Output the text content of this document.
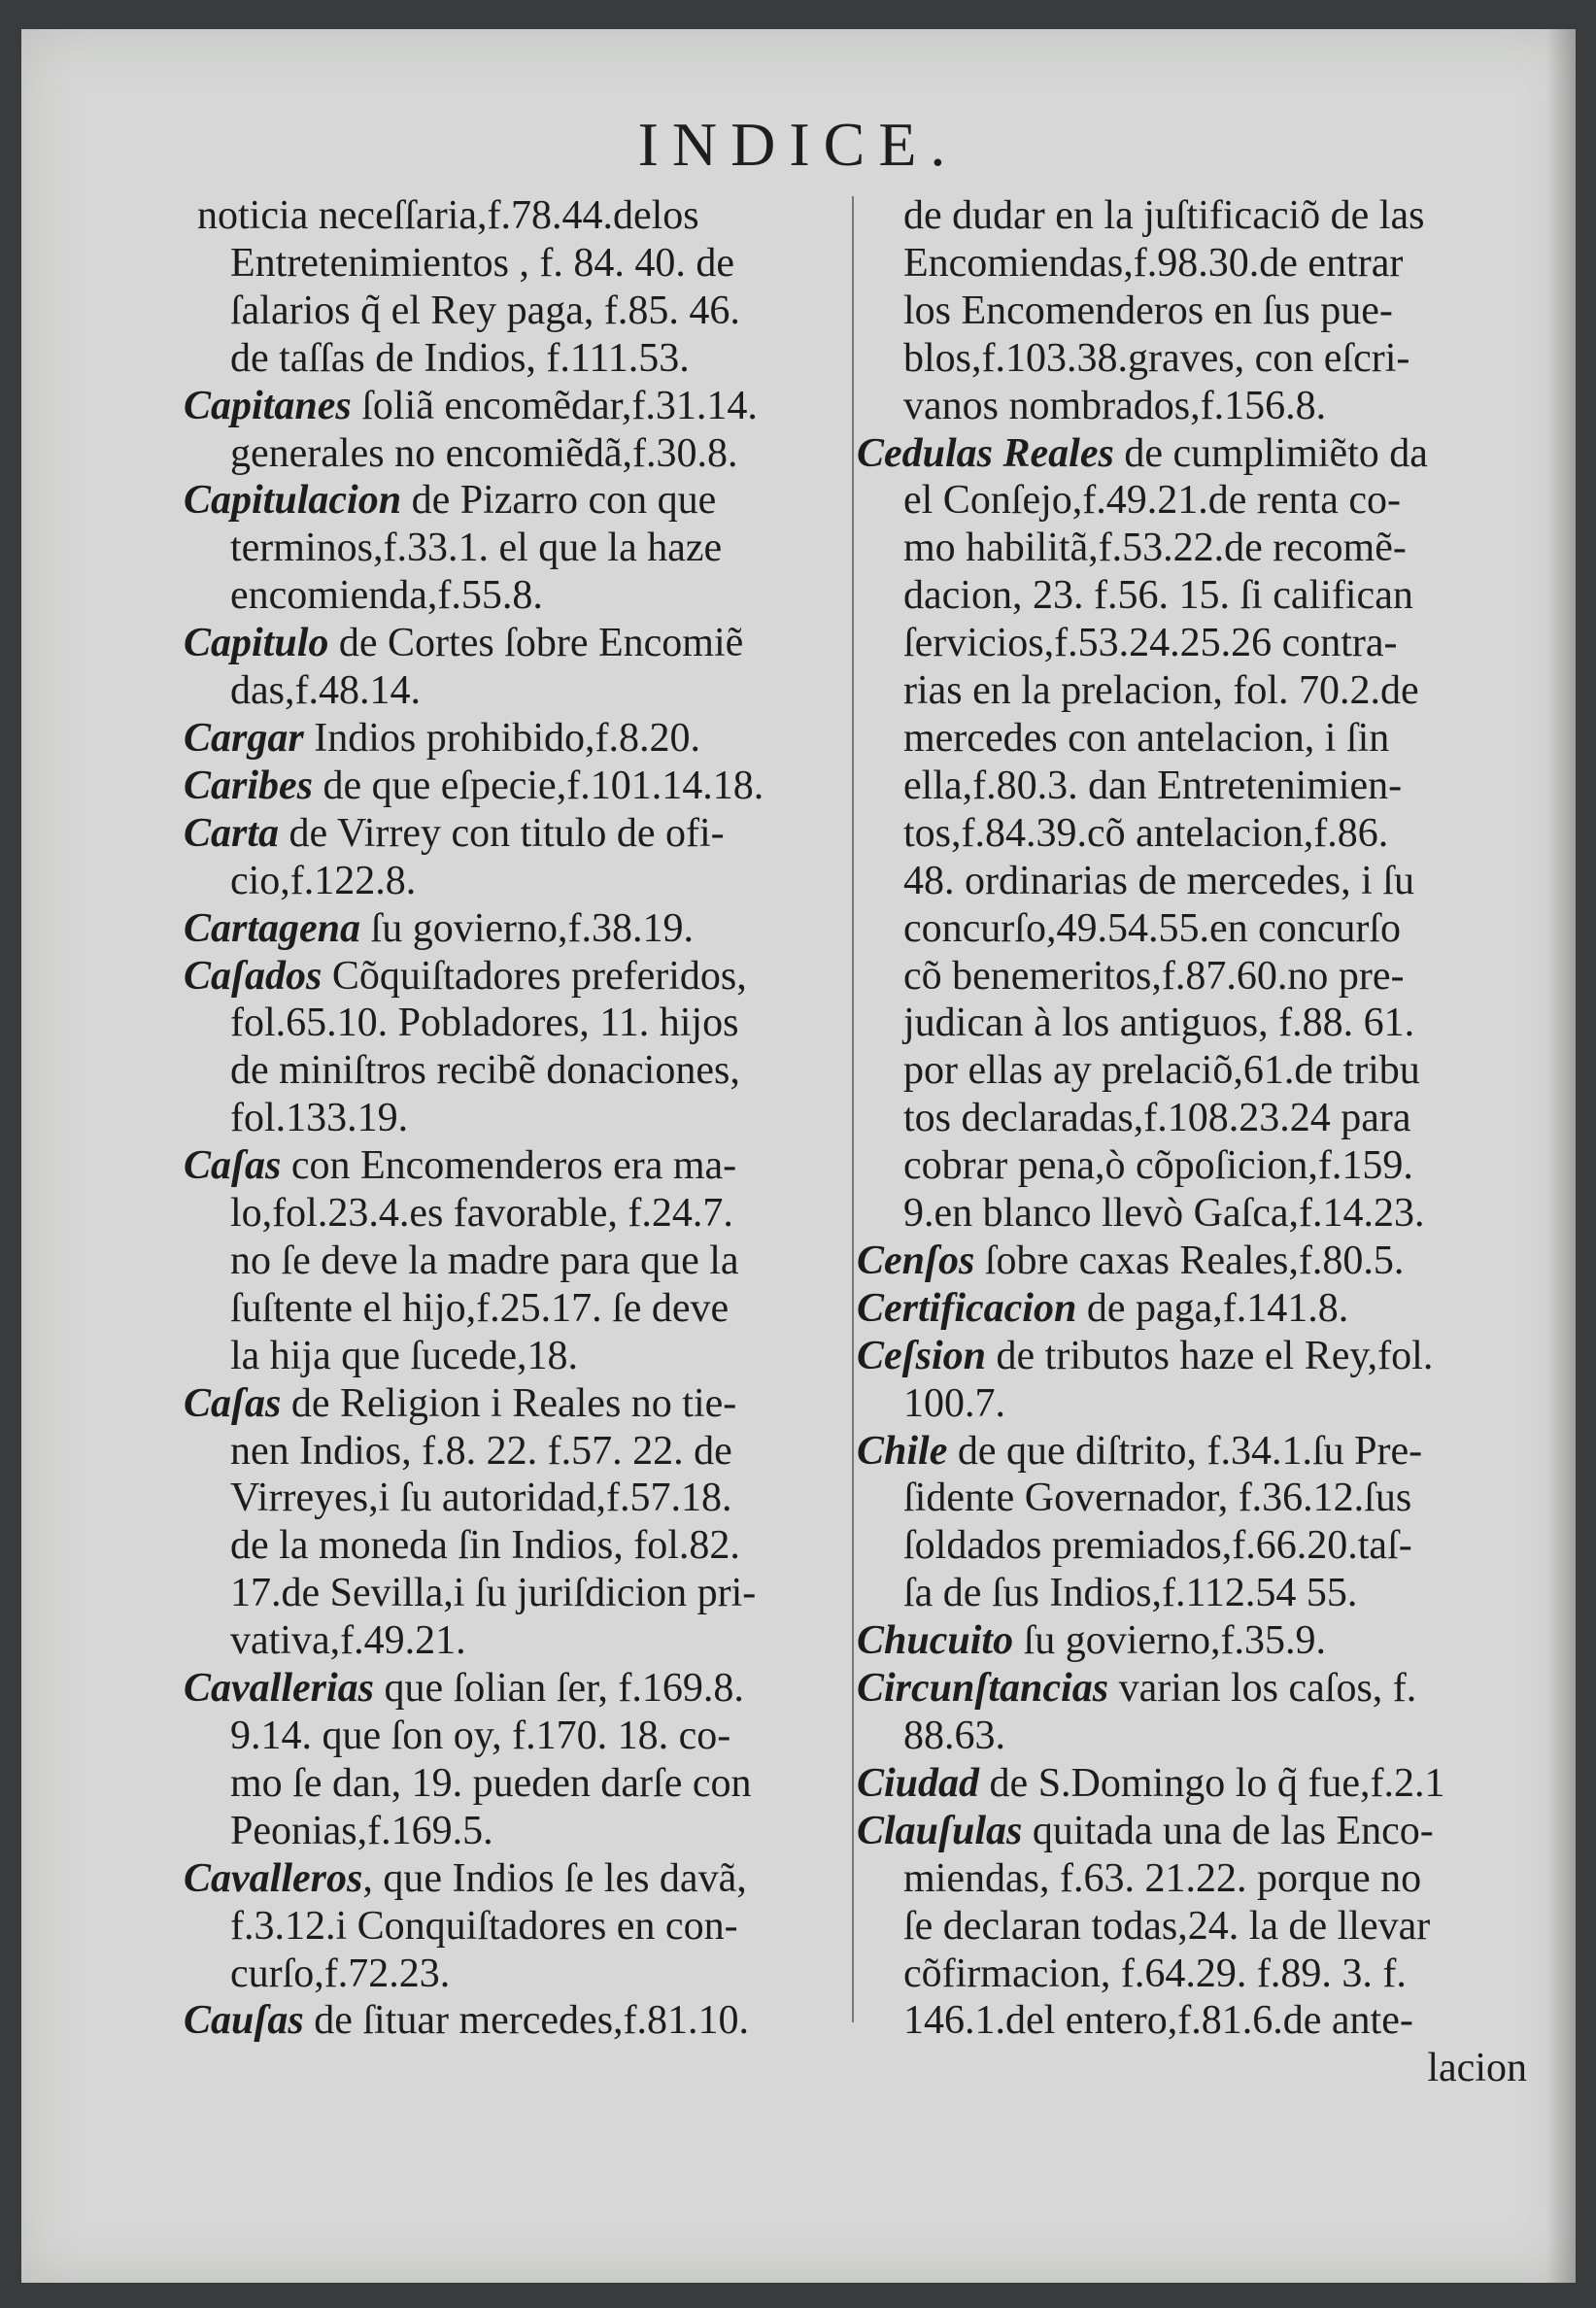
INDICE.
noticia neceſſaria,f.78.44.delos
Entretenimientos , f. 84. 40. de
ſalarios q̃ el Rey paga, f.85. 46.
de taſſas de Indios, f.111.53.
Capitanes ſoliã encomẽdar,f.31.14.
generales no encomiẽdã,f.30.8.
Capitulacion de Pizarro con que
terminos,f.33.1. el que la haze
encomienda,f.55.8.
Capitulo de Cortes ſobre Encomiẽ
das,f.48.14.
Cargar Indios prohibido,f.8.20.
Caribes de que eſpecie,f.101.14.18.
Carta de Virrey con titulo de ofi-
cio,f.122.8.
Cartagena ſu govierno,f.38.19.
Caſados Cõquiſtadores preferidos,
fol.65.10. Pobladores, 11. hijos
de miniſtros recibẽ donaciones,
fol.133.19.
Caſas con Encomenderos era ma-
lo,fol.23.4.es favorable, f.24.7.
no ſe deve la madre para que la
ſuſtente el hijo,f.25.17. ſe deve
la hija que ſucede,18.
Caſas de Religion i Reales no tie-
nen Indios, f.8. 22. f.57. 22. de
Virreyes,i ſu autoridad,f.57.18.
de la moneda ſin Indios, fol.82.
17.de Sevilla,i ſu juriſdicion pri-
vativa,f.49.21.
Cavallerias que ſolian ſer, f.169.8.
9.14. que ſon oy, f.170. 18. co-
mo ſe dan, 19. pueden darſe con
Peonias,f.169.5.
Cavalleros, que Indios ſe les davã,
f.3.12.i Conquiſtadores en con-
curſo,f.72.23.
Cauſas de ſituar mercedes,f.81.10.
de dudar en la juſtificaciõ de las
Encomiendas,f.98.30.de entrar
los Encomenderos en ſus pue-
blos,f.103.38.graves, con eſcri-
vanos nombrados,f.156.8.
Cedulas Reales de cumplimiẽto da
el Conſejo,f.49.21.de renta co-
mo habilitã,f.53.22.de recomẽ-
dacion, 23. f.56. 15. ſi califican
ſervicios,f.53.24.25.26 contra-
rias en la prelacion, fol. 70.2.de
mercedes con antelacion, i ſin
ella,f.80.3. dan Entretenimien-
tos,f.84.39.cõ antelacion,f.86.
48. ordinarias de mercedes, i ſu
concurſo,49.54.55.en concurſo
cõ benemeritos,f.87.60.no pre-
judican à los antiguos, f.88. 61.
por ellas ay prelaciõ,61.de tribu
tos declaradas,f.108.23.24 para
cobrar pena,ò cõpoſicion,f.159.
9.en blanco llevò Gaſca,f.14.23.
Cenſos ſobre caxas Reales,f.80.5.
Certificacion de paga,f.141.8.
Ceſsion de tributos haze el Rey,fol.
100.7.
Chile de que diſtrito, f.34.1.ſu Pre-
ſidente Governador, f.36.12.ſus
ſoldados premiados,f.66.20.taſ-
ſa de ſus Indios,f.112.54 55.
Chucuito ſu govierno,f.35.9.
Circunſtancias varian los caſos, f.
88.63.
Ciudad de S.Domingo lo q̃ fue,f.2.1
Clauſulas quitada una de las Enco-
miendas, f.63. 21.22. porque no
ſe declaran todas,24. la de llevar
cõfirmacion, f.64.29. f.89. 3. f.
146.1.del entero,f.81.6.de ante-
lacion
